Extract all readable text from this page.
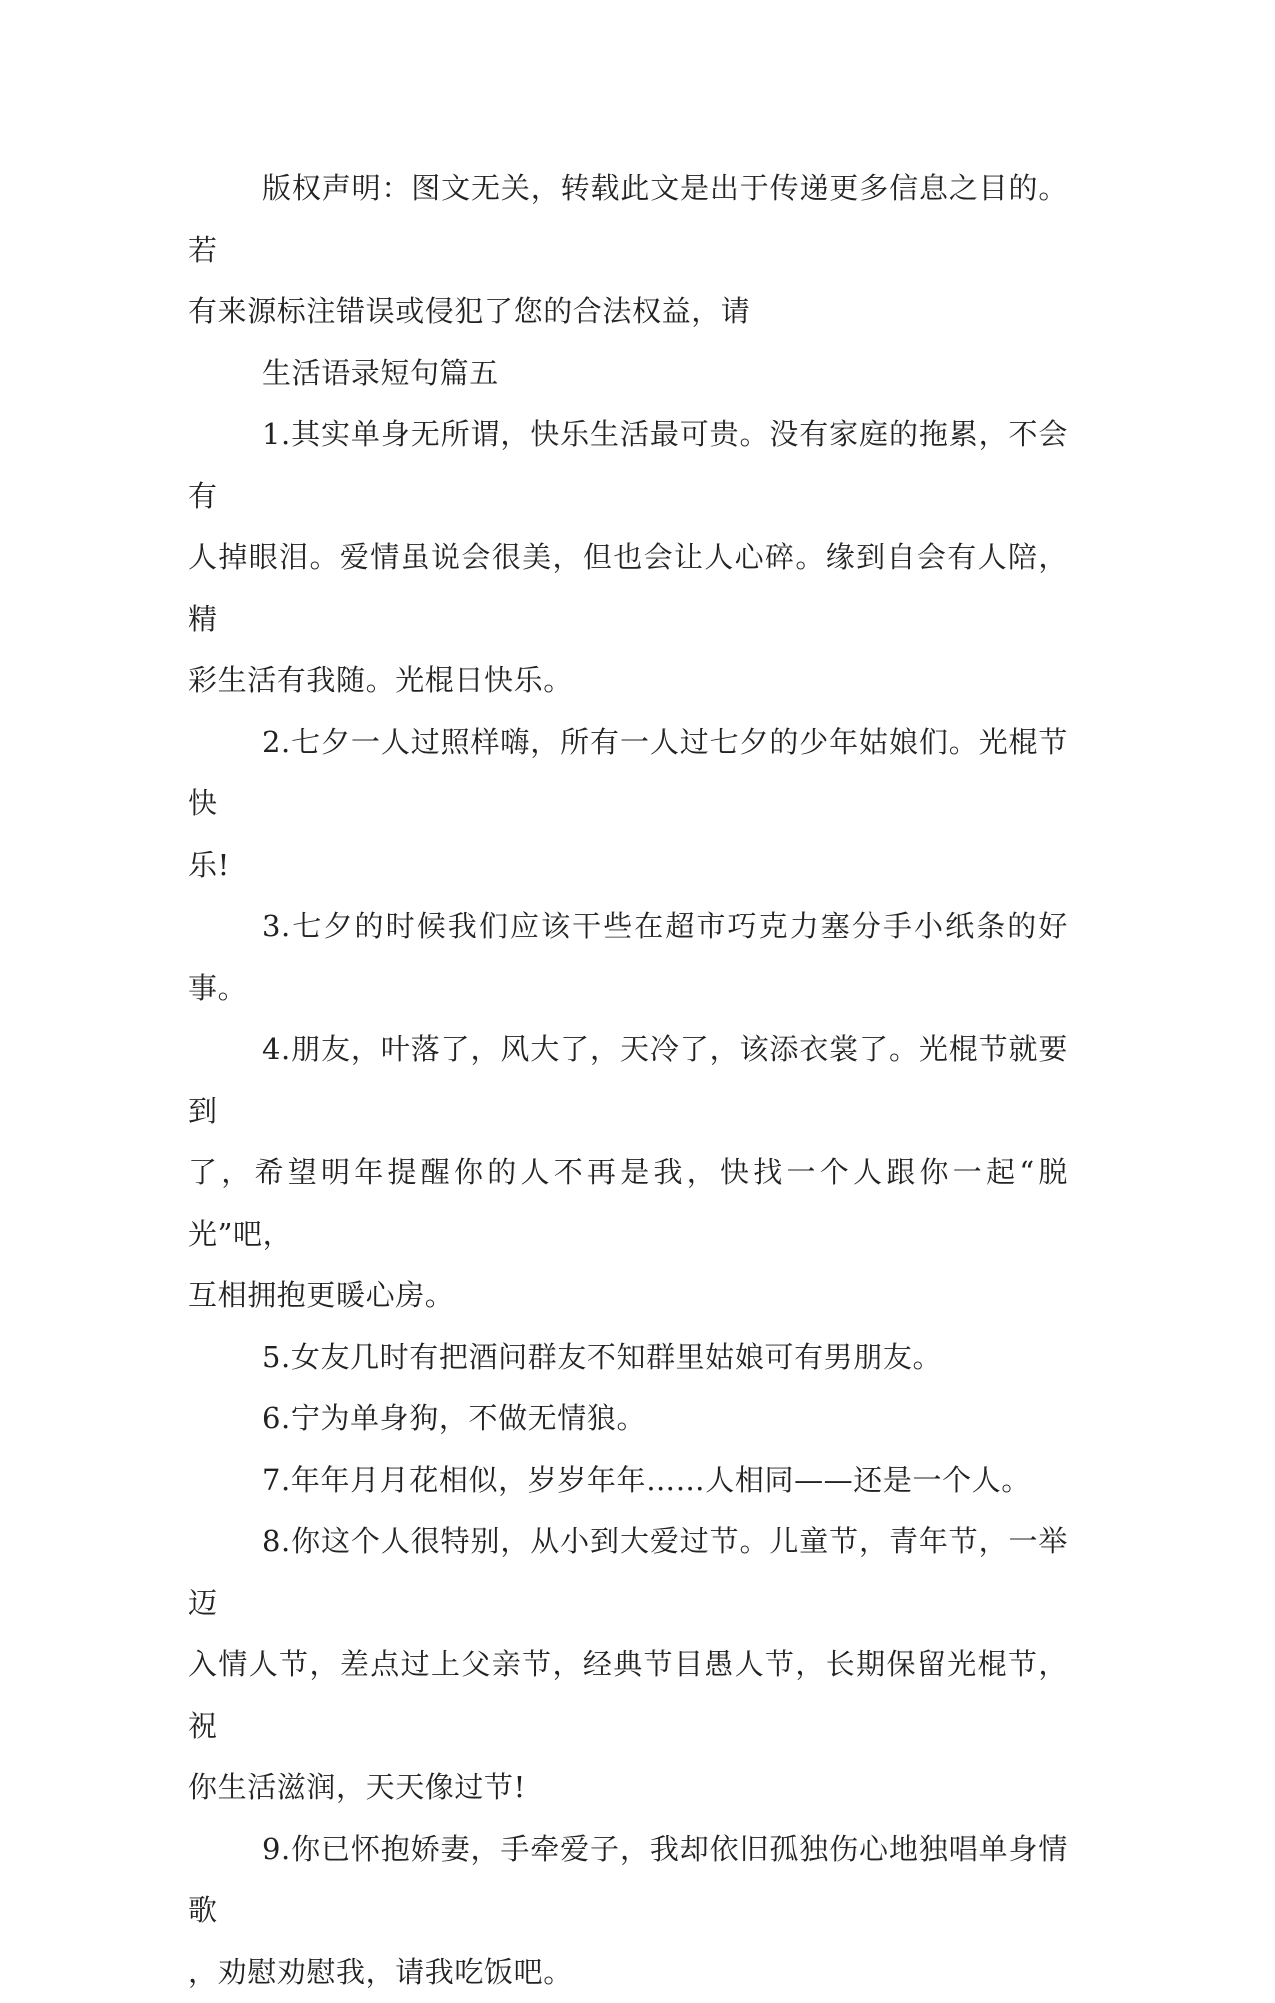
版权声明：图文无关，转载此文是出于传递更多信息之目的。若
有来源标注错误或侵犯了您的合法权益，请

生活语录短句篇五

1.其实单身无所谓，快乐生活最可贵。没有家庭的拖累，不会有
人掉眼泪。爱情虽说会很美，但也会让人心碎。缘到自会有人陪，精
彩生活有我随。光棍日快乐。

2.七夕一人过照样嗨，所有一人过七夕的少年姑娘们。光棍节快
乐!

3.七夕的时候我们应该干些在超市巧克力塞分手小纸条的好事。

4.朋友，叶落了，风大了，天冷了，该添衣裳了。光棍节就要到
了，希望明年提醒你的人不再是我，快找一个人跟你一起“脱光”吧，
互相拥抱更暖心房。

5.女友几时有把酒问群友不知群里姑娘可有男朋友。

6.宁为单身狗，不做无情狼。

7.年年月月花相似，岁岁年年……人相同——还是一个人。

8.你这个人很特别，从小到大爱过节。儿童节，青年节，一举迈
入情人节，差点过上父亲节，经典节目愚人节，长期保留光棍节，祝
你生活滋润，天天像过节!

9.你已怀抱娇妻，手牵爱子，我却依旧孤独伤心地独唱单身情歌
，劝慰劝慰我，请我吃饭吧。
